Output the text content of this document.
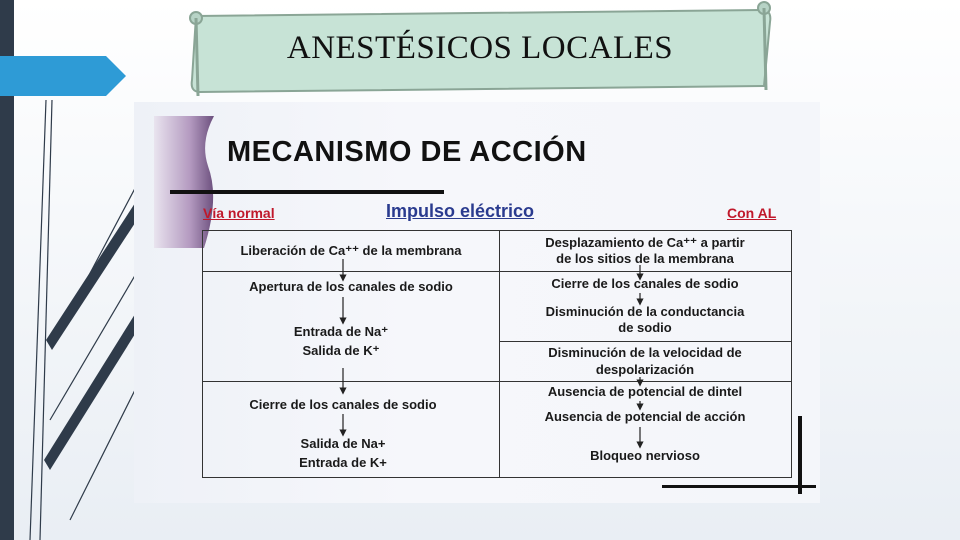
ANESTÉSICOS LOCALES
MECANISMO DE ACCIÓN
Vía normal	Impulso eléctrico	Con AL
Liberación de Ca⁺⁺ de la membrana
Apertura de los canales de sodio
Entrada de Na⁺
Salida de K⁺
Cierre de los canales de sodio
Salida de Na+
Entrada de K+
Desplazamiento de Ca⁺⁺ a partir
de los sitios de la membrana
Cierre de los canales de sodio
Disminución de la conductancia
de sodio
Disminución de la velocidad de
despolarización
Ausencia de potencial de dintel
Ausencia de potencial de acción
Bloqueo nervioso
